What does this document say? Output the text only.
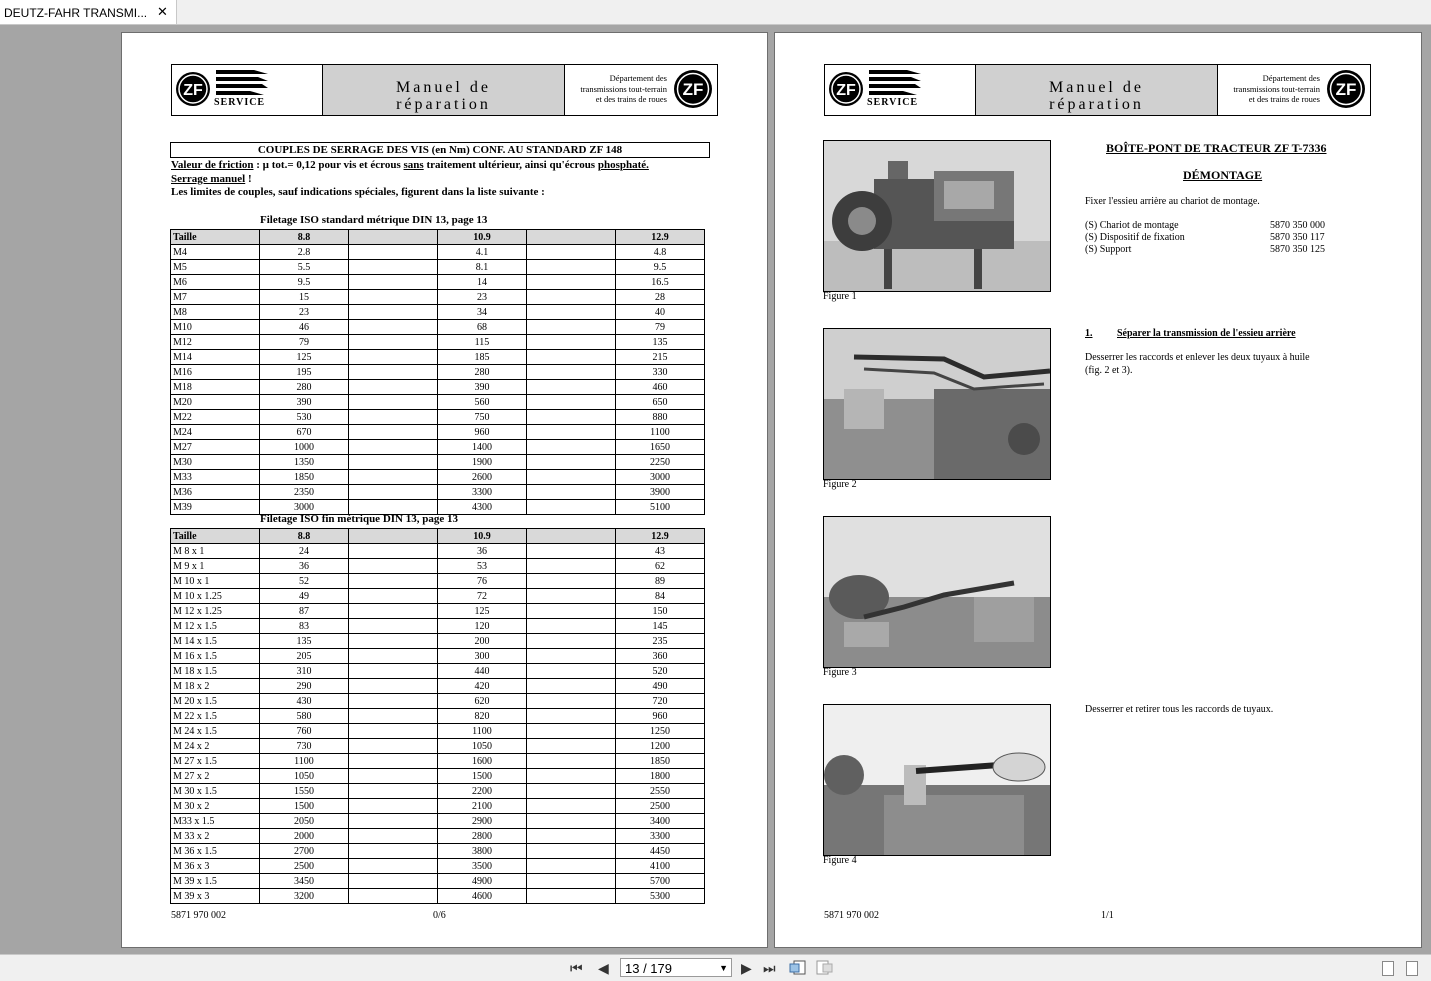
DEUTZ-FAHR TRANSMI... ✕
ZF
SERVICE
Manuel de
réparation
Département des
transmissions tout-terrain
et des trains de roues ZF
COUPLES DE SERRAGE DES VIS (en Nm) CONF. AU STANDARD ZF 148
Valeur de friction : µ tot.= 0,12 pour vis et écrous sans traitement ultérieur, ainsi qu'écrous phosphaté.
Serrage manuel !
Les limites de couples, sauf indications spéciales, figurent dans la liste suivante :
Filetage ISO standard métrique DIN 13, page 13
Taille	8.8		10.9		12.9
M4	2.8		4.1		4.8
M5	5.5		8.1		9.5
M6	9.5		14		16.5
M7	15		23		28
M8	23		34		40
M10	46		68		79
M12	79		115		135
M14	125		185		215
M16	195		280		330
M18	280		390		460
M20	390		560		650
M22	530		750		880
M24	670		960		1100
M27	1000		1400		1650
M30	1350		1900		2250
M33	1850		2600		3000
M36	2350		3300		3900
M39	3000		4300		5100
Filetage ISO fin métrique DIN 13, page 13
Taille	8.8		10.9		12.9
M 8 x 1	24		36		43
M 9 x 1	36		53		62
M 10 x 1	52		76		89
M 10 x 1.25	49		72		84
M 12 x 1.25	87		125		150
M 12 x 1.5	83		120		145
M 14 x 1.5	135		200		235
M 16 x 1.5	205		300		360
M 18 x 1.5	310		440		520
M 18 x 2	290		420		490
M 20 x 1.5	430		620		720
M 22 x 1.5	580		820		960
M 24 x 1.5	760		1100		1250
M 24 x 2	730		1050		1200
M 27 x 1.5	1100		1600		1850
M 27 x 2	1050		1500		1800
M 30 x 1.5	1550		2200		2550
M 30 x 2	1500		2100		2500
M33 x 1.5	2050		2900		3400
M 33 x 2	2000		2800		3300
M 36 x 1.5	2700		3800		4450
M 36 x 3	2500		3500		4100
M 39 x 1.5	3450		4900		5700
M 39 x 3	3200		4600		5300
5871 970 002	0/6
ZF
SERVICE
Manuel de
réparation
Département des
transmissions tout-terrain
et des trains de roues ZF
Figure 1
Figure 2
Figure 3
Figure 4
BOÎTE-PONT DE TRACTEUR ZF T-7336
DÉMONTAGE
Fixer l'essieu arrière au chariot de montage.
(S) Chariot de montage	5870 350 000
(S) Dispositif de fixation	5870 350 117
(S) Support	5870 350 125
1. Séparer la transmission de l'essieu arrière
Desserrer les raccords et enlever les deux tuyaux à huile
(fig. 2 et 3).
Desserrer et retirer tous les raccords de tuyaux.
5871 970 002	1/1
⏮ ◀	13 / 179	▼ ▶ ⏭
